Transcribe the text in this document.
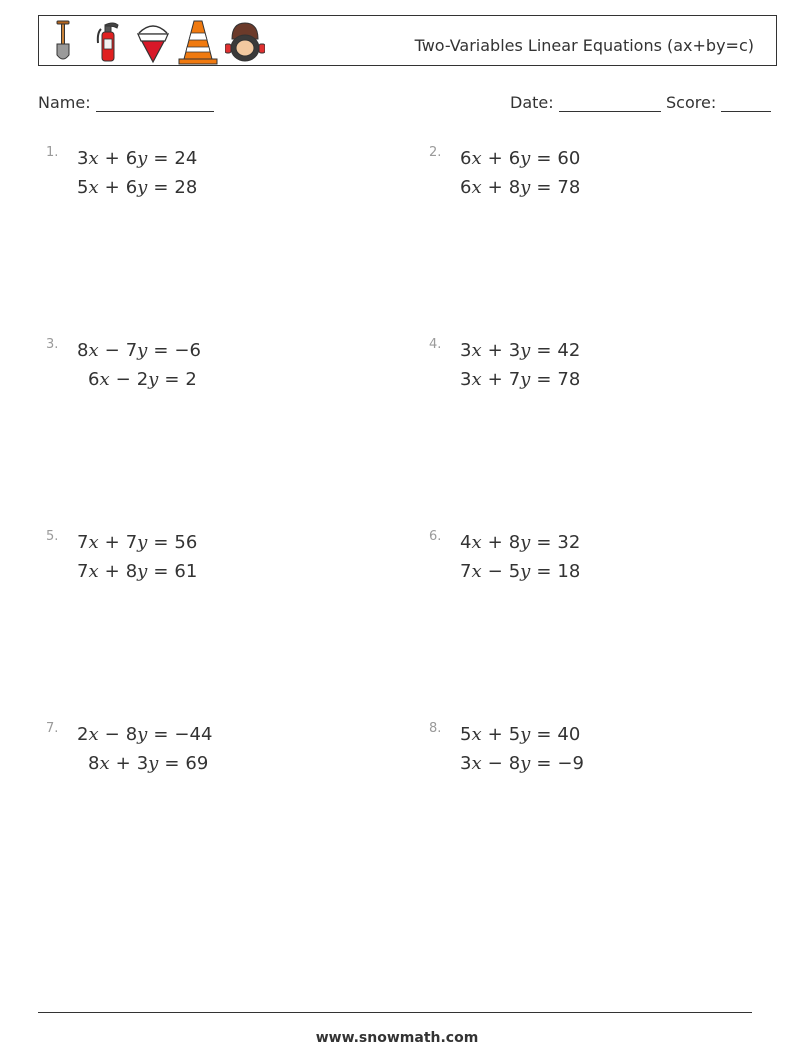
Two-Variables Linear Equations (ax+by=c)
Name:	Date:	Score:
1. 3x + 6y = 24
5x + 6y = 28
2. 6x + 6y = 60
6x + 8y = 78
3. 8x − 7y = −6
6x − 2y = 2
4. 3x + 3y = 42
3x + 7y = 78
5. 7x + 7y = 56
7x + 8y = 61
6. 4x + 8y = 32
7x − 5y = 18
7. 2x − 8y = −44
8x + 3y = 69
8. 5x + 5y = 40
3x − 8y = −9
www.snowmath.com
